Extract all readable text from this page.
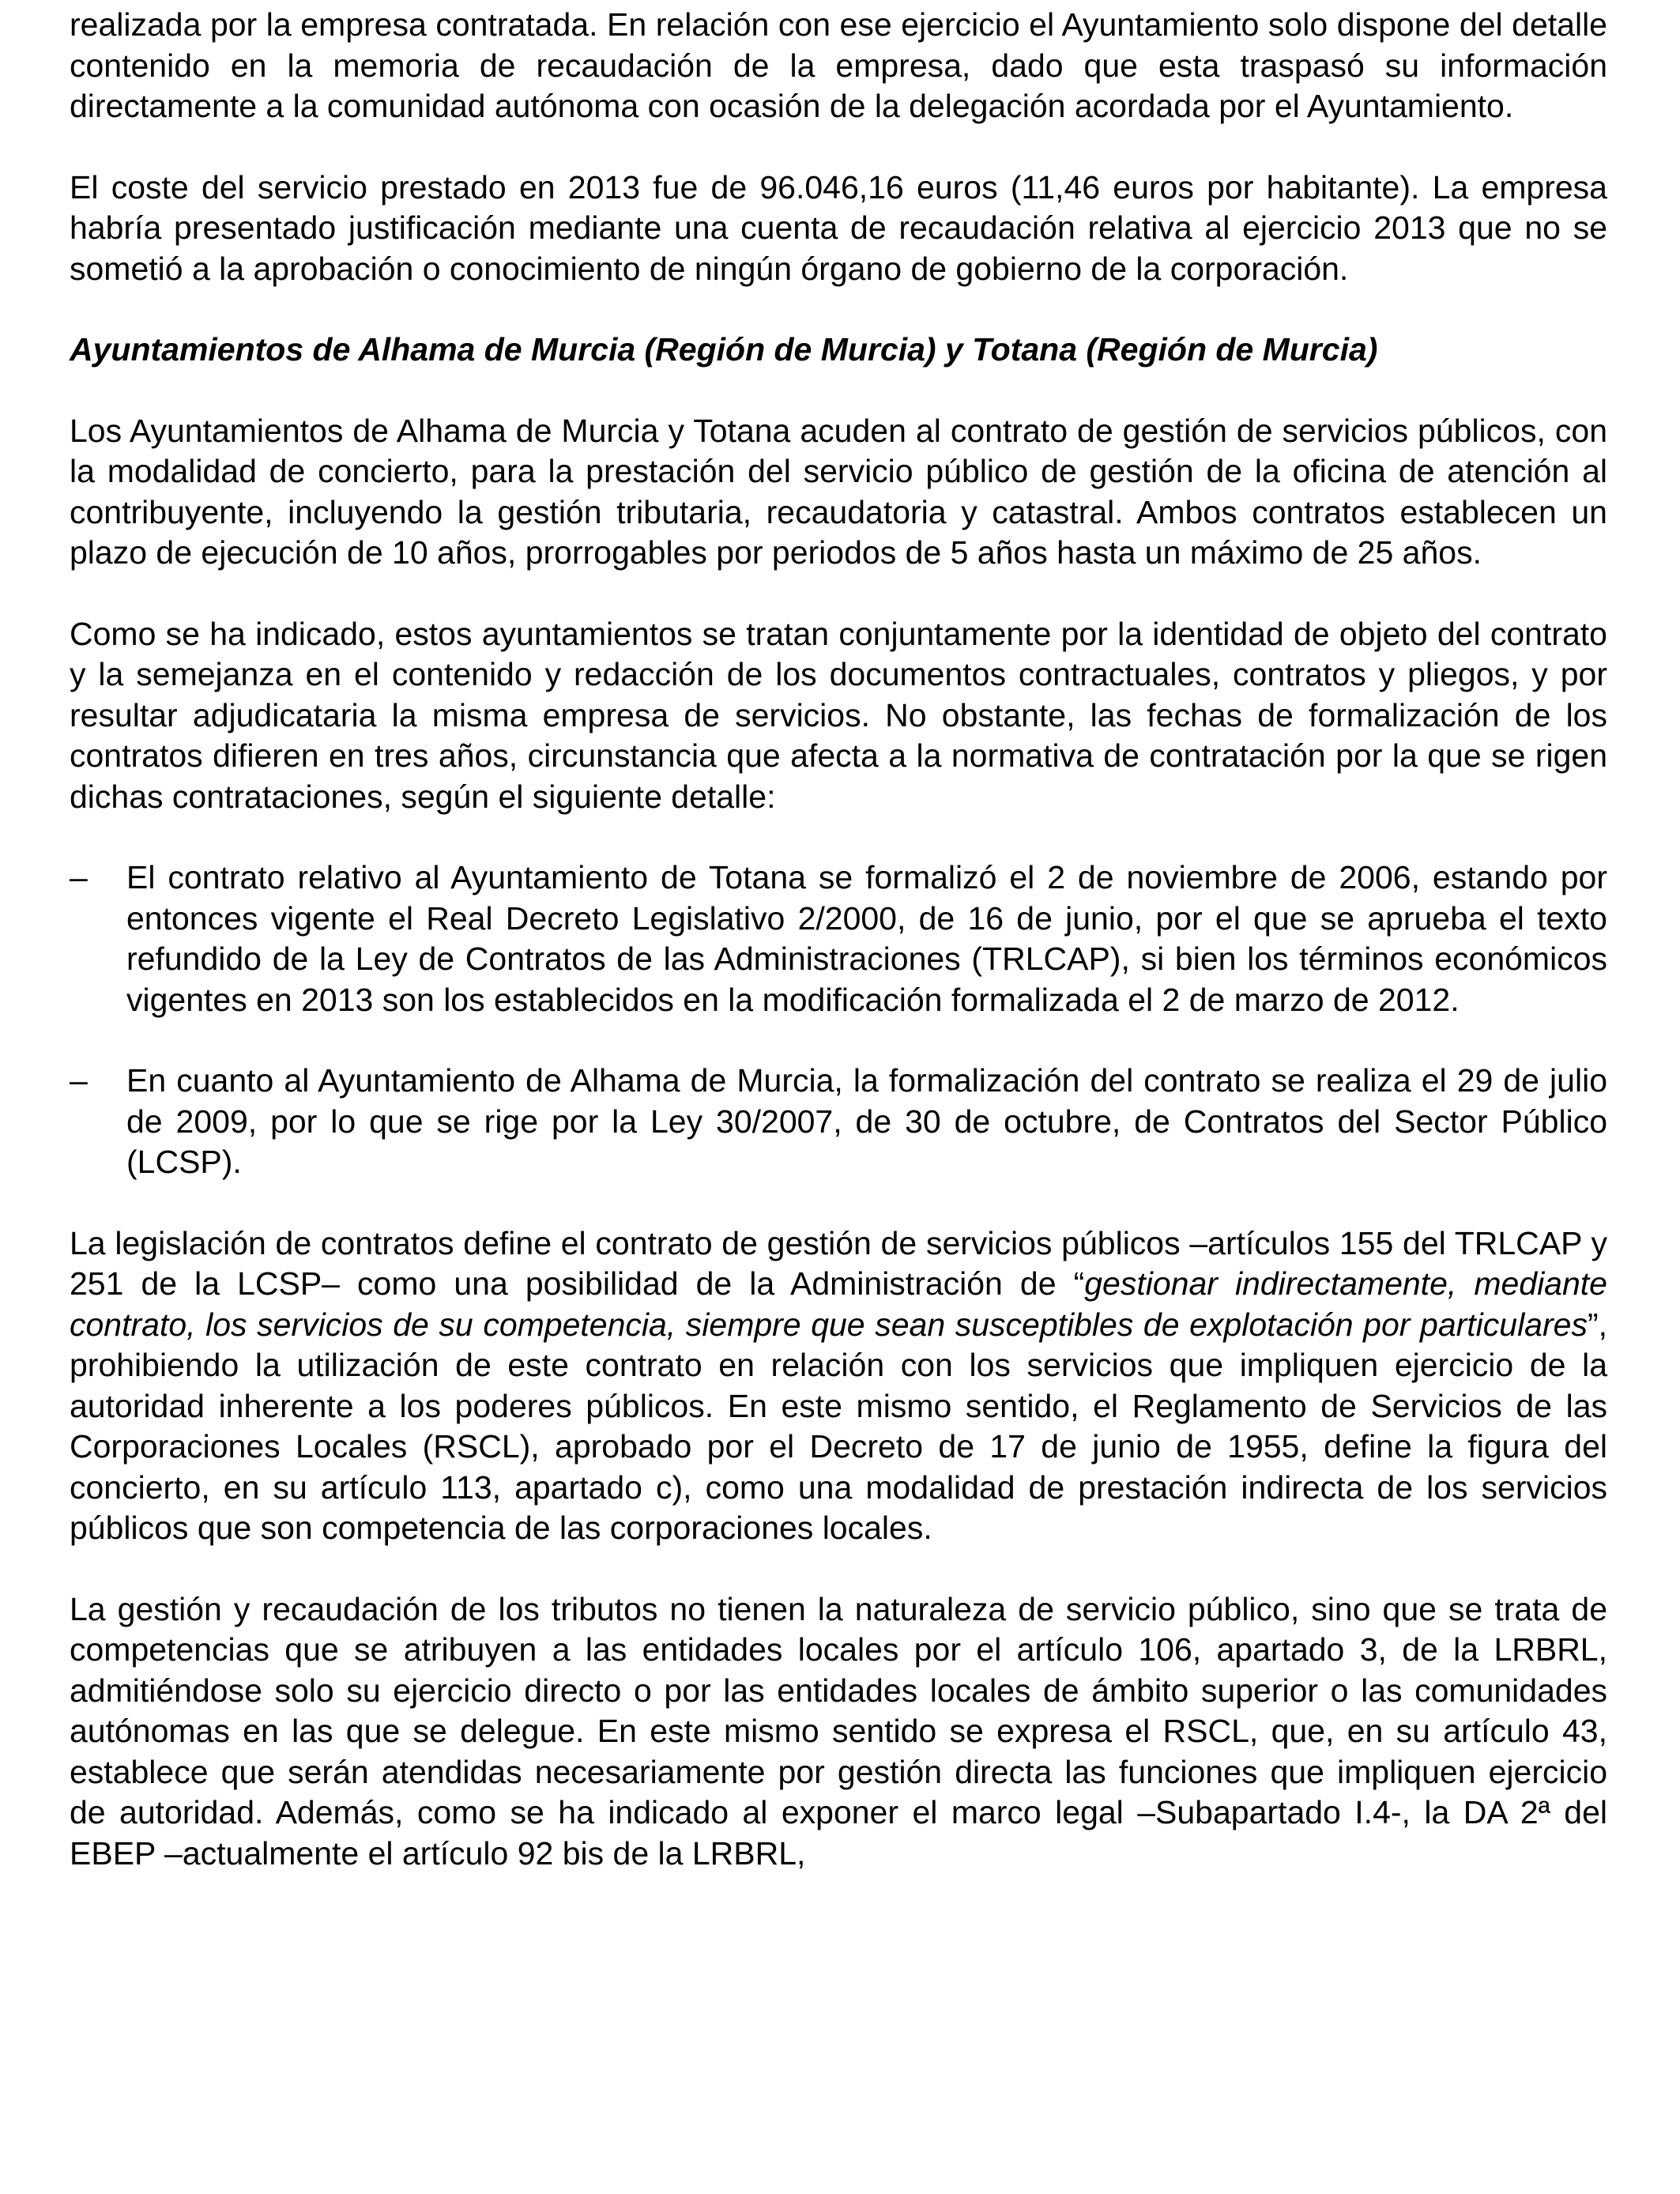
realizada por la empresa contratada. En relación con ese ejercicio el Ayuntamiento solo dispone del detalle contenido en la memoria de recaudación de la empresa, dado que esta traspasó su información directamente a la comunidad autónoma con ocasión de la delegación acordada por el Ayuntamiento.

El coste del servicio prestado en 2013 fue de 96.046,16 euros (11,46 euros por habitante). La empresa habría presentado justificación mediante una cuenta de recaudación relativa al ejercicio 2013 que no se sometió a la aprobación o conocimiento de ningún órgano de gobierno de la corporación.

Ayuntamientos de Alhama de Murcia (Región de Murcia) y Totana (Región de Murcia)

Los Ayuntamientos de Alhama de Murcia y Totana acuden al contrato de gestión de servicios públicos, con la modalidad de concierto, para la prestación del servicio público de gestión de la oficina de atención al contribuyente, incluyendo la gestión tributaria, recaudatoria y catastral. Ambos contratos establecen un plazo de ejecución de 10 años, prorrogables por periodos de 5 años hasta un máximo de 25 años.

Como se ha indicado, estos ayuntamientos se tratan conjuntamente por la identidad de objeto del contrato y la semejanza en el contenido y redacción de los documentos contractuales, contratos y pliegos, y por resultar adjudicataria la misma empresa de servicios. No obstante, las fechas de formalización de los contratos difieren en tres años, circunstancia que afecta a la normativa de contratación por la que se rigen dichas contrataciones, según el siguiente detalle:

– El contrato relativo al Ayuntamiento de Totana se formalizó el 2 de noviembre de 2006, estando por entonces vigente el Real Decreto Legislativo 2/2000, de 16 de junio, por el que se aprueba el texto refundido de la Ley de Contratos de las Administraciones (TRLCAP), si bien los términos económicos vigentes en 2013 son los establecidos en la modificación formalizada el 2 de marzo de 2012.
– En cuanto al Ayuntamiento de Alhama de Murcia, la formalización del contrato se realiza el 29 de julio de 2009, por lo que se rige por la Ley 30/2007, de 30 de octubre, de Contratos del Sector Público (LCSP).

La legislación de contratos define el contrato de gestión de servicios públicos –artículos 155 del TRLCAP y 251 de la LCSP– como una posibilidad de la Administración de “gestionar indirectamente, mediante contrato, los servicios de su competencia, siempre que sean susceptibles de explotación por particulares”, prohibiendo la utilización de este contrato en relación con los servicios que impliquen ejercicio de la autoridad inherente a los poderes públicos. En este mismo sentido, el Reglamento de Servicios de las Corporaciones Locales (RSCL), aprobado por el Decreto de 17 de junio de 1955, define la figura del concierto, en su artículo 113, apartado c), como una modalidad de prestación indirecta de los servicios públicos que son competencia de las corporaciones locales.

La gestión y recaudación de los tributos no tienen la naturaleza de servicio público, sino que se trata de competencias que se atribuyen a las entidades locales por el artículo 106, apartado 3, de la LRBRL, admitiéndose solo su ejercicio directo o por las entidades locales de ámbito superior o las comunidades autónomas en las que se delegue. En este mismo sentido se expresa el RSCL, que, en su artículo 43, establece que serán atendidas necesariamente por gestión directa las funciones que impliquen ejercicio de autoridad. Además, como se ha indicado al exponer el marco legal –Subapartado I.4-, la DA 2ª del EBEP –actualmente el artículo 92 bis de la LRBRL,
